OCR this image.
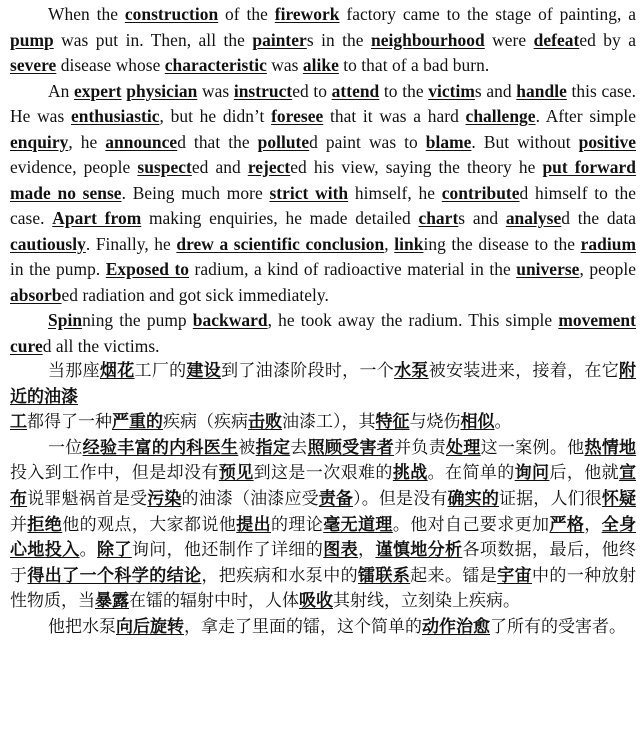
When the construction of the firework factory came to the stage of painting, a pump was put in. Then, all the painters in the neighbourhood were defeated by a severe disease whose characteristic was alike to that of a bad burn.

An expert physician was instructed to attend to the victims and handle this case. He was enthusiastic, but he didn’t foresee that it was a hard challenge. After simple enquiry, he announced that the polluted paint was to blame. But without positive evidence, people suspected and rejected his view, saying the theory he put forward made no sense. Being much more strict with himself, he contributed himself to the case. Apart from making enquiries, he made detailed charts and analysed the data cautiously. Finally, he drew a scientific conclusion, linking the disease to the radium in the pump. Exposed to radium, a kind of radioactive material in the universe, people absorbed radiation and got sick immediately.

Spinning the pump backward, he took away the radium. This simple movement cured all the victims.

当那座烟花工厂的建设到了油漆阶段时，一个水泵被安装进来，接着，在它附近的油漆
工都得了一种严重的疾病（疾病击败油漆工），其特征与烧伤相似。

一位经验丰富的内科医生被指定去照顾受害者并负责处理这一案例。他热情地投入到工作中，但是却没有预见到这是一次艰难的挑战。在简单的询问后，他就宣布说罪魁祸首是受污染的油漆（油漆应受责备）。但是没有确实的证据，人们很怀疑并拒绝他的观点，大家都说他提出的理论毫无道理。他对自己要求更加严格，全身心地投入。除了询问，他还制作了详细的图表，谨慎地分析各项数据，最后，他终于得出了一个科学的结论，把疾病和水泵中的镭联系起来。镭是宇宙中的一种放射性物质，当暴露在镭的辐射中时，人体吸收其射线，立刻染上疾病。

他把水泵向后旋转，拿走了里面的镭，这个简单的动作治愈了所有的受害者。
